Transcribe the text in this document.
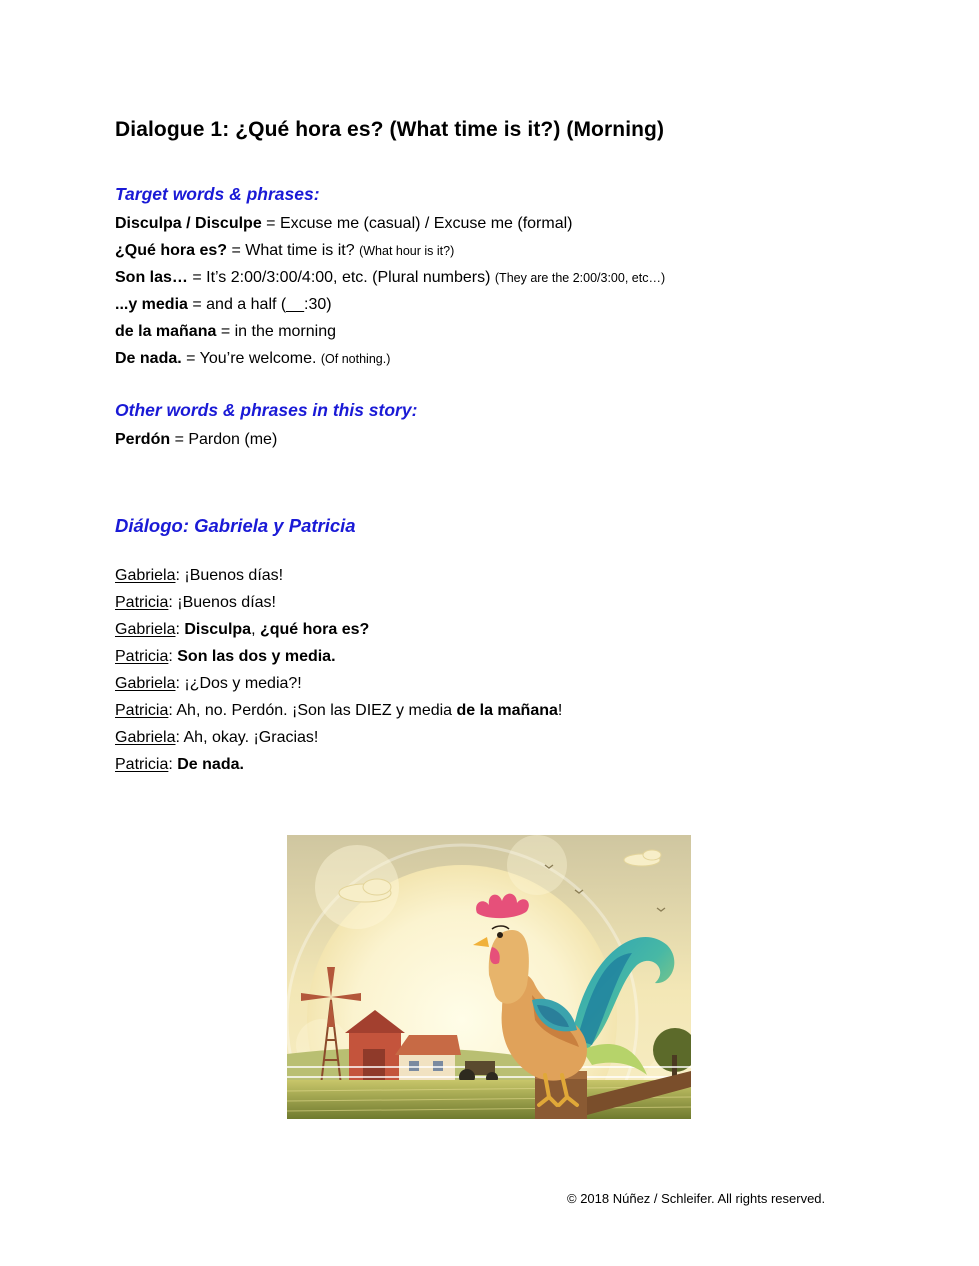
Dialogue 1: ¿Qué hora es? (What time is it?) (Morning)
Target words & phrases:
Disculpa / Disculpe = Excuse me (casual) / Excuse me (formal)
¿Qué hora es? = What time is it? (What hour is it?)
Son las… = It’s 2:00/3:00/4:00, etc. (Plural numbers) (They are the 2:00/3:00, etc…)
...y media = and a half (__:30)
de la mañana = in the morning
De nada. = You’re welcome. (Of nothing.)
Other words & phrases in this story:
Perdón = Pardon (me)
Diálogo: Gabriela y Patricia
Gabriela: ¡Buenos días!
Patricia: ¡Buenos días!
Gabriela: Disculpa, ¿qué hora es?
Patricia: Son las dos y media.
Gabriela: ¡¿Dos y media?!
Patricia: Ah, no. Perdón. ¡Son las DIEZ y media de la mañana!
Gabriela: Ah, okay. ¡Gracias!
Patricia: De nada.
© 2018 Núñez / Schleifer. All rights reserved.
